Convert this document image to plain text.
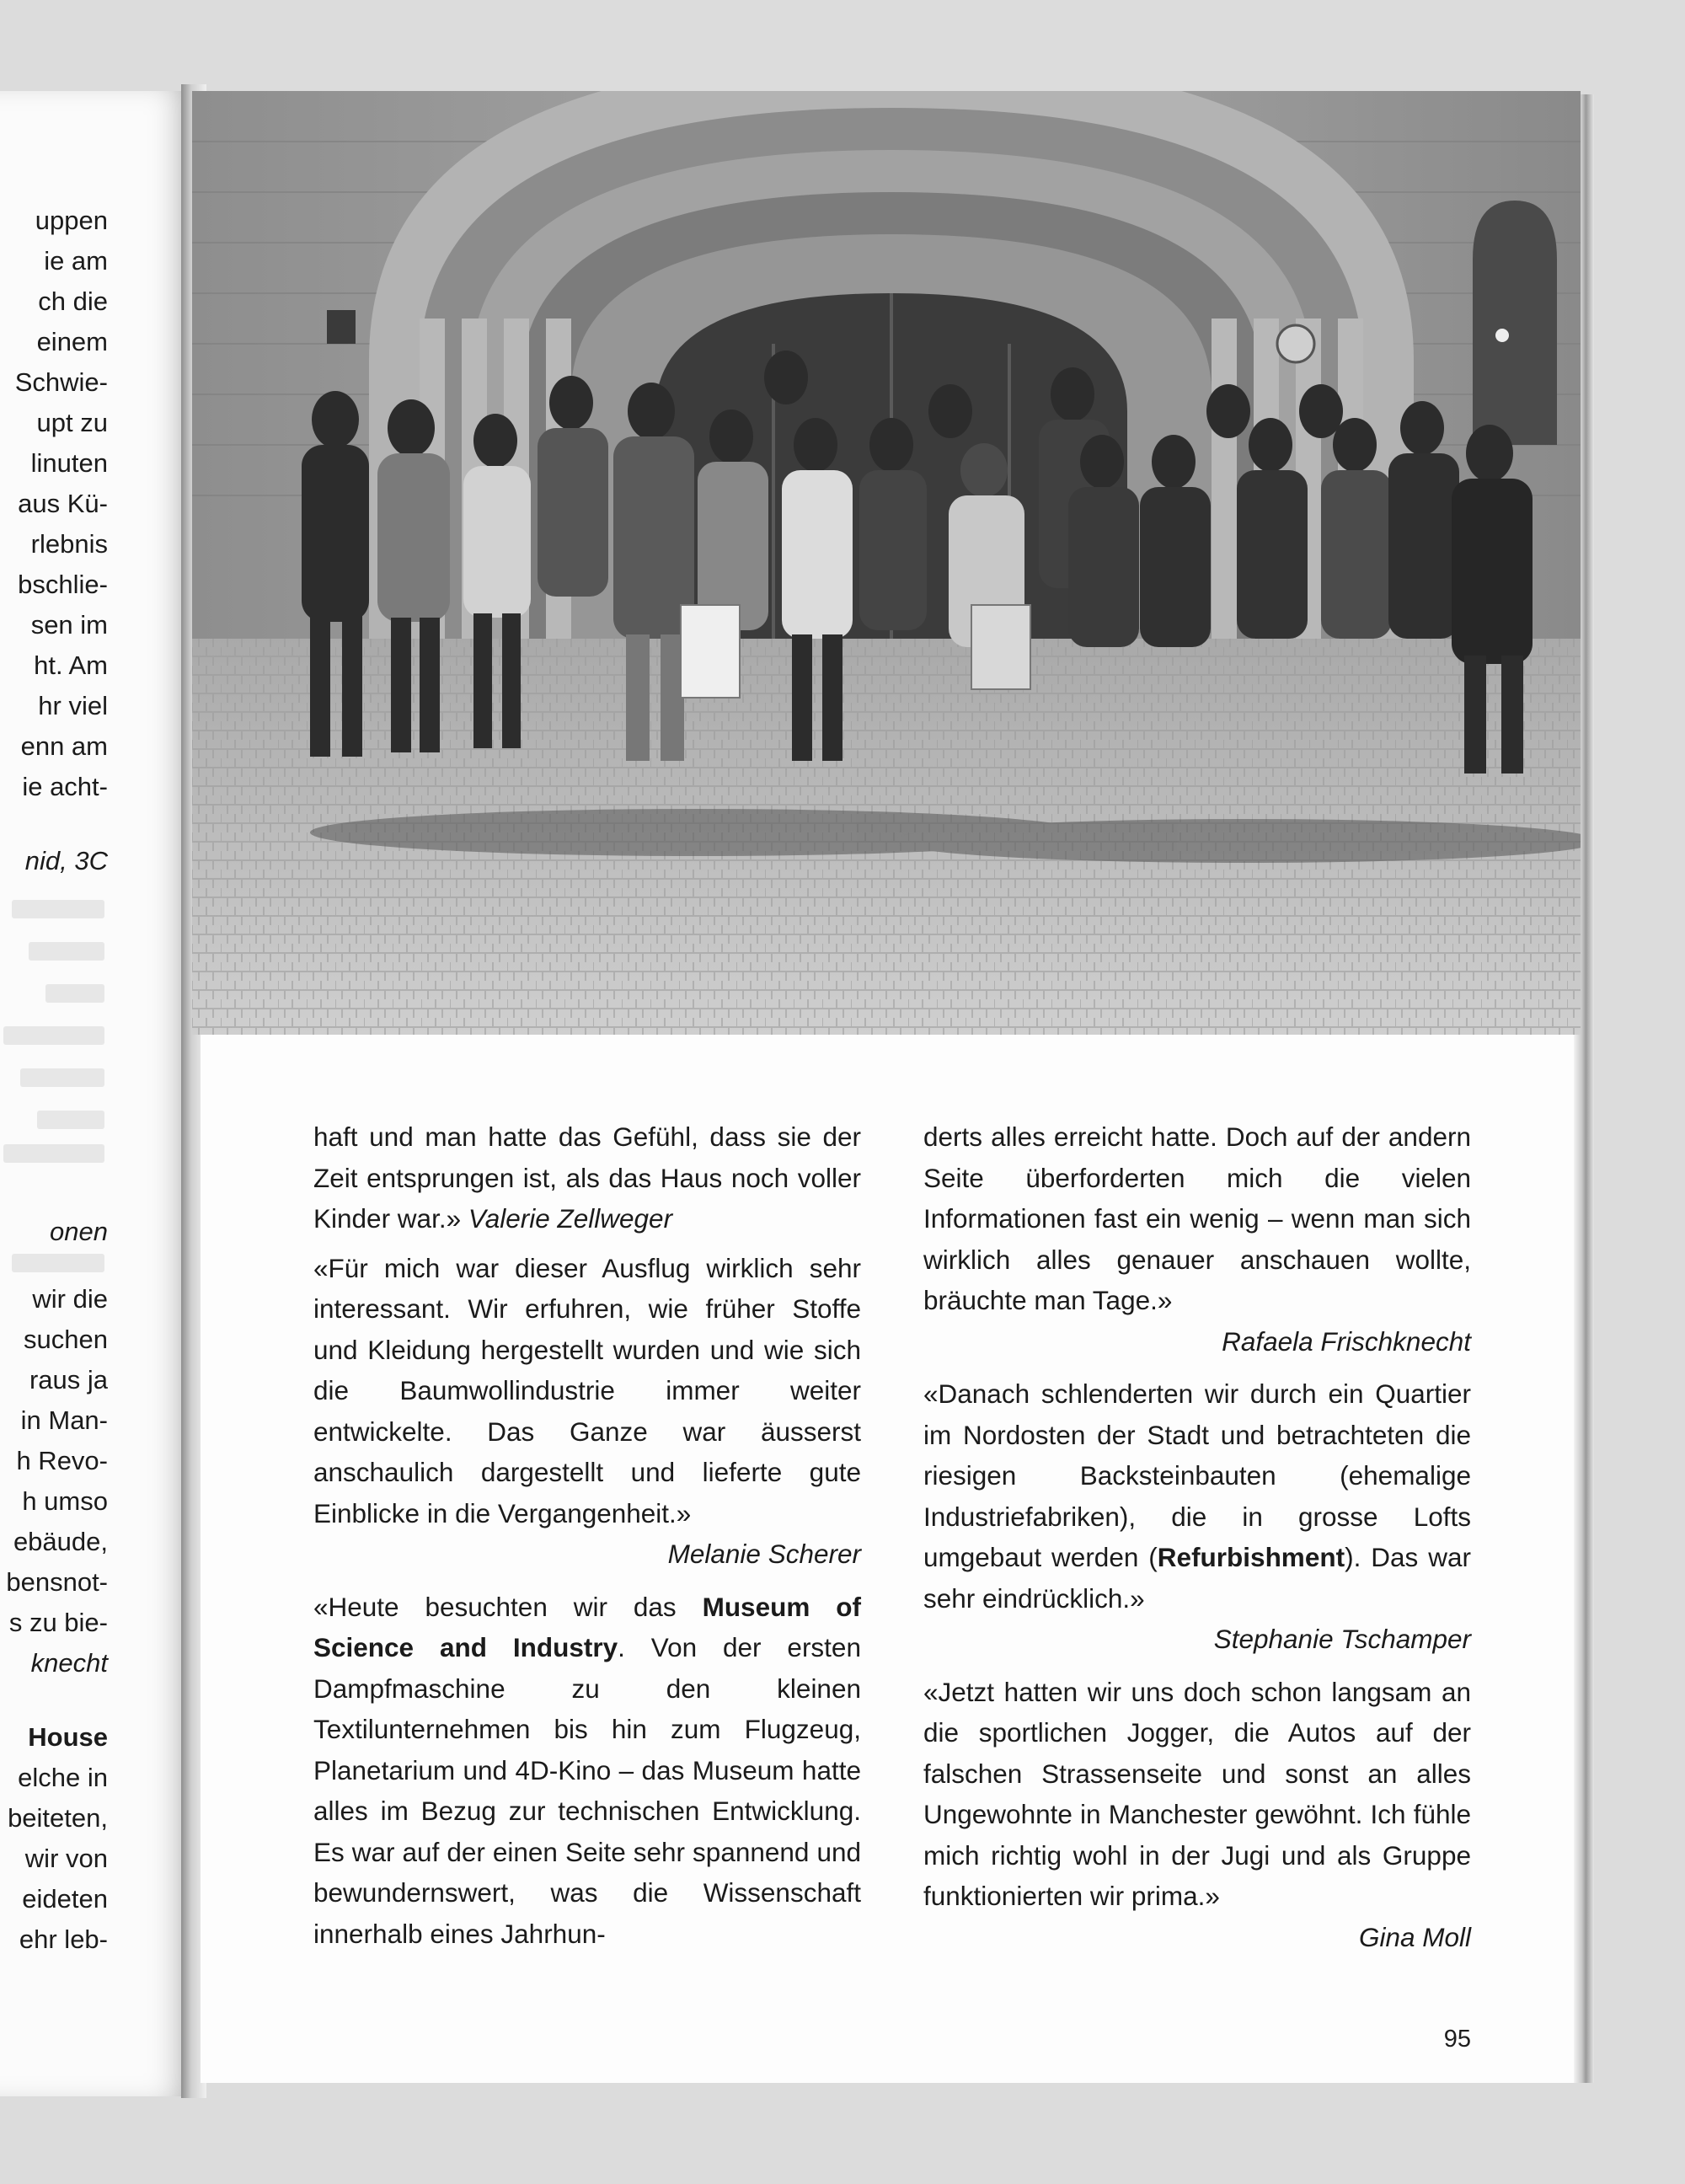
uppen
ie am
ch die
einem
Schwie-
upt zu
linuten
aus Kü-
rlebnis
bschlie-
sen im
ht. Am
hr viel
enn am
ie acht-
nid, 3C
onen
wir die
suchen
raus ja
in Man-
h Revo-
h umso
ebäude,
bensnot-
s zu bie-
knecht
House
elche in
beiteten,
wir von
eideten
ehr leb-

haft und man hatte das Gefühl, dass sie der Zeit entsprungen ist, als das Haus noch voller Kinder war.» Valerie Zellweger

«Für mich war dieser Ausflug wirklich sehr interessant. Wir erfuhren, wie früher Stoffe und Kleidung hergestellt wurden und wie sich die Baumwollindustrie immer weiter entwickelte. Das Ganze war äusserst anschaulich dargestellt und lieferte gute Einblicke in die Vergangenheit.»

Melanie Scherer

«Heute besuchten wir das Museum of Science and Industry. Von der ersten Dampfmaschine zu den kleinen Textilunternehmen bis hin zum Flugzeug, Planetarium und 4D-Kino – das Museum hatte alles im Bezug zur technischen Entwicklung. Es war auf der einen Seite sehr spannend und bewundernswert, was die Wissenschaft innerhalb eines Jahrhun-

derts alles erreicht hatte. Doch auf der andern Seite überforderten mich die vielen Informationen fast ein wenig – wenn man sich wirklich alles genauer anschauen wollte, bräuchte man Tage.»

Rafaela Frischknecht

«Danach schlenderten wir durch ein Quartier im Nordosten der Stadt und betrachteten die riesigen Backsteinbauten (ehemalige Industriefabriken), die in grosse Lofts umgebaut werden (Refurbishment). Das war sehr eindrücklich.»

Stephanie Tschamper

«Jetzt hatten wir uns doch schon langsam an die sportlichen Jogger, die Autos auf der falschen Strassenseite und sonst an alles Ungewohnte in Manchester gewöhnt. Ich fühle mich richtig wohl in der Jugi und als Gruppe funktionierten wir prima.»

Gina Moll

95
